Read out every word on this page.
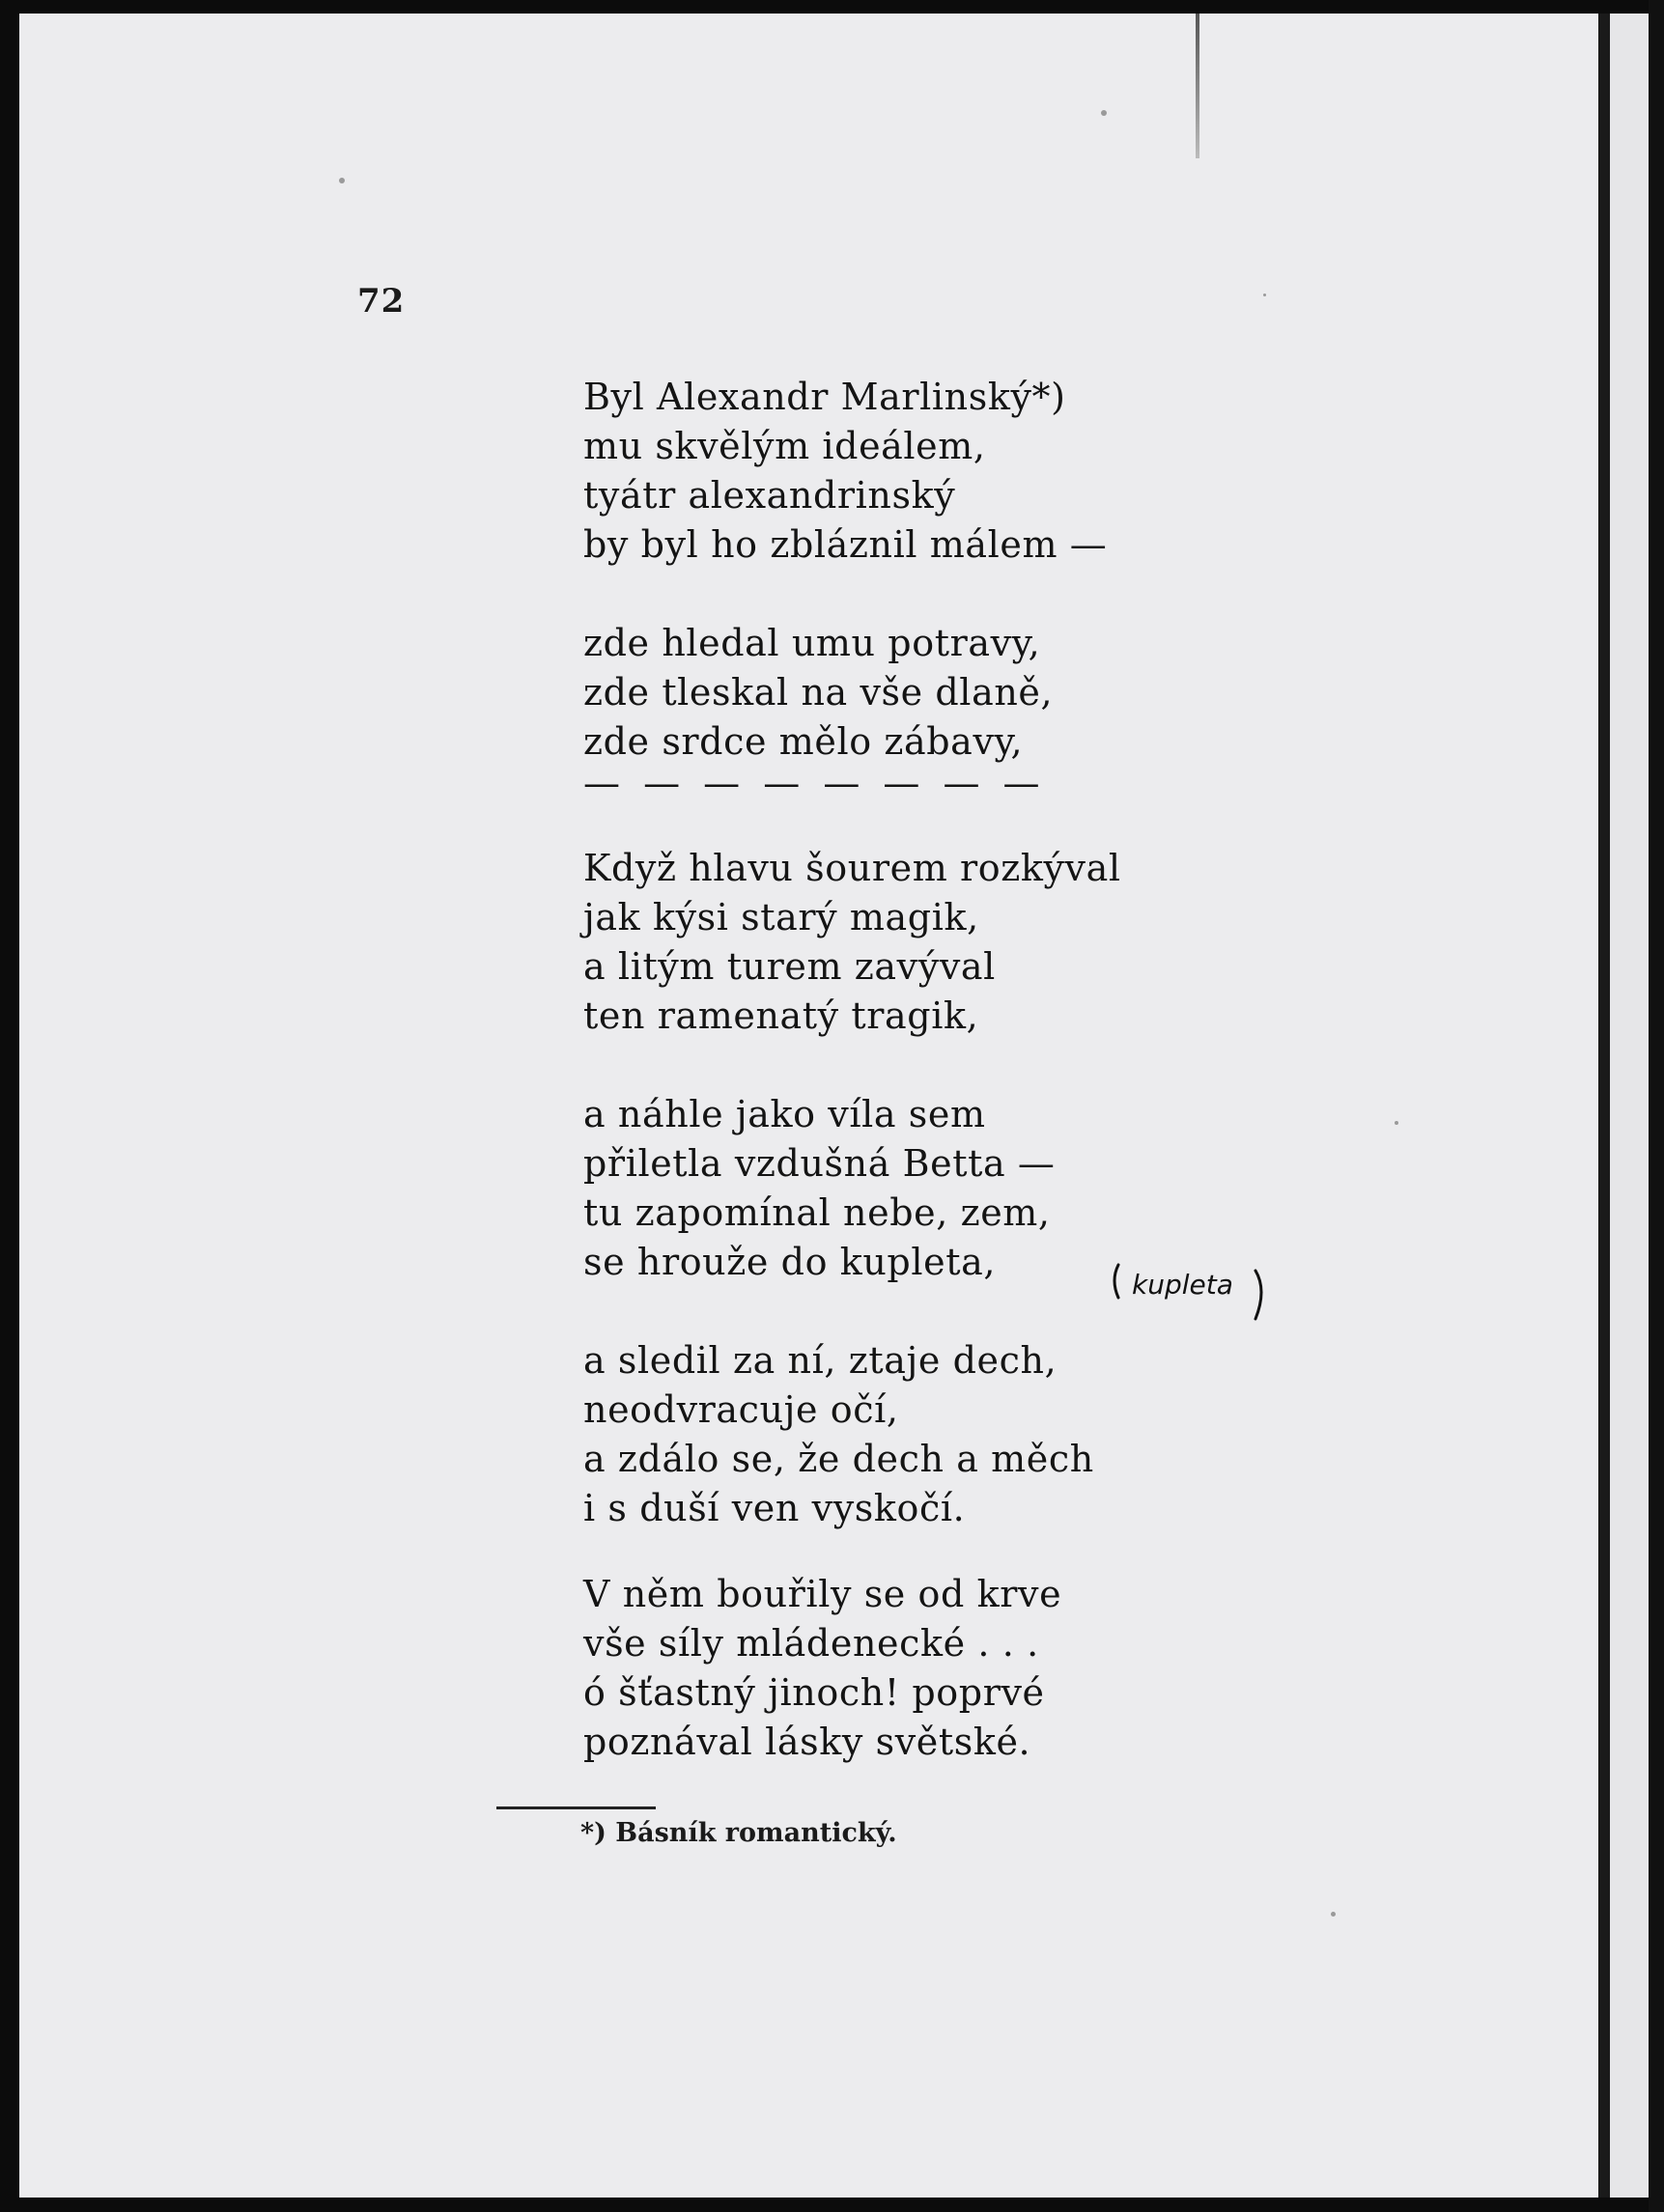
72

Byl Alexandr Marlinský*)
mu skvělým ideálem,
tyátr alexandrinský
by byl ho zbláznil málem —
zde hledal umu potravy,
zde tleskal na vše dlaně,
zde srdce mělo zábavy,
— — — — — — — —
Když hlavu šourem rozkýval
jak kýsi starý magik,
a litým turem zavýval
ten ramenatý tragik,
a náhle jako víla sem
přiletla vzdušná Betta —
tu zapomínal nebe, zem,
se hrouže do kupleta,
a sledil za ní, ztaje dech,
neodvracuje očí,
a zdálo se, že dech a měch
i s duší ven vyskočí.
V něm bouřily se od krve
vše síly mládenecké . . .
ó šťastný jinoch! poprvé
poznával lásky světské.
kupleta

*) Básník romantický.
